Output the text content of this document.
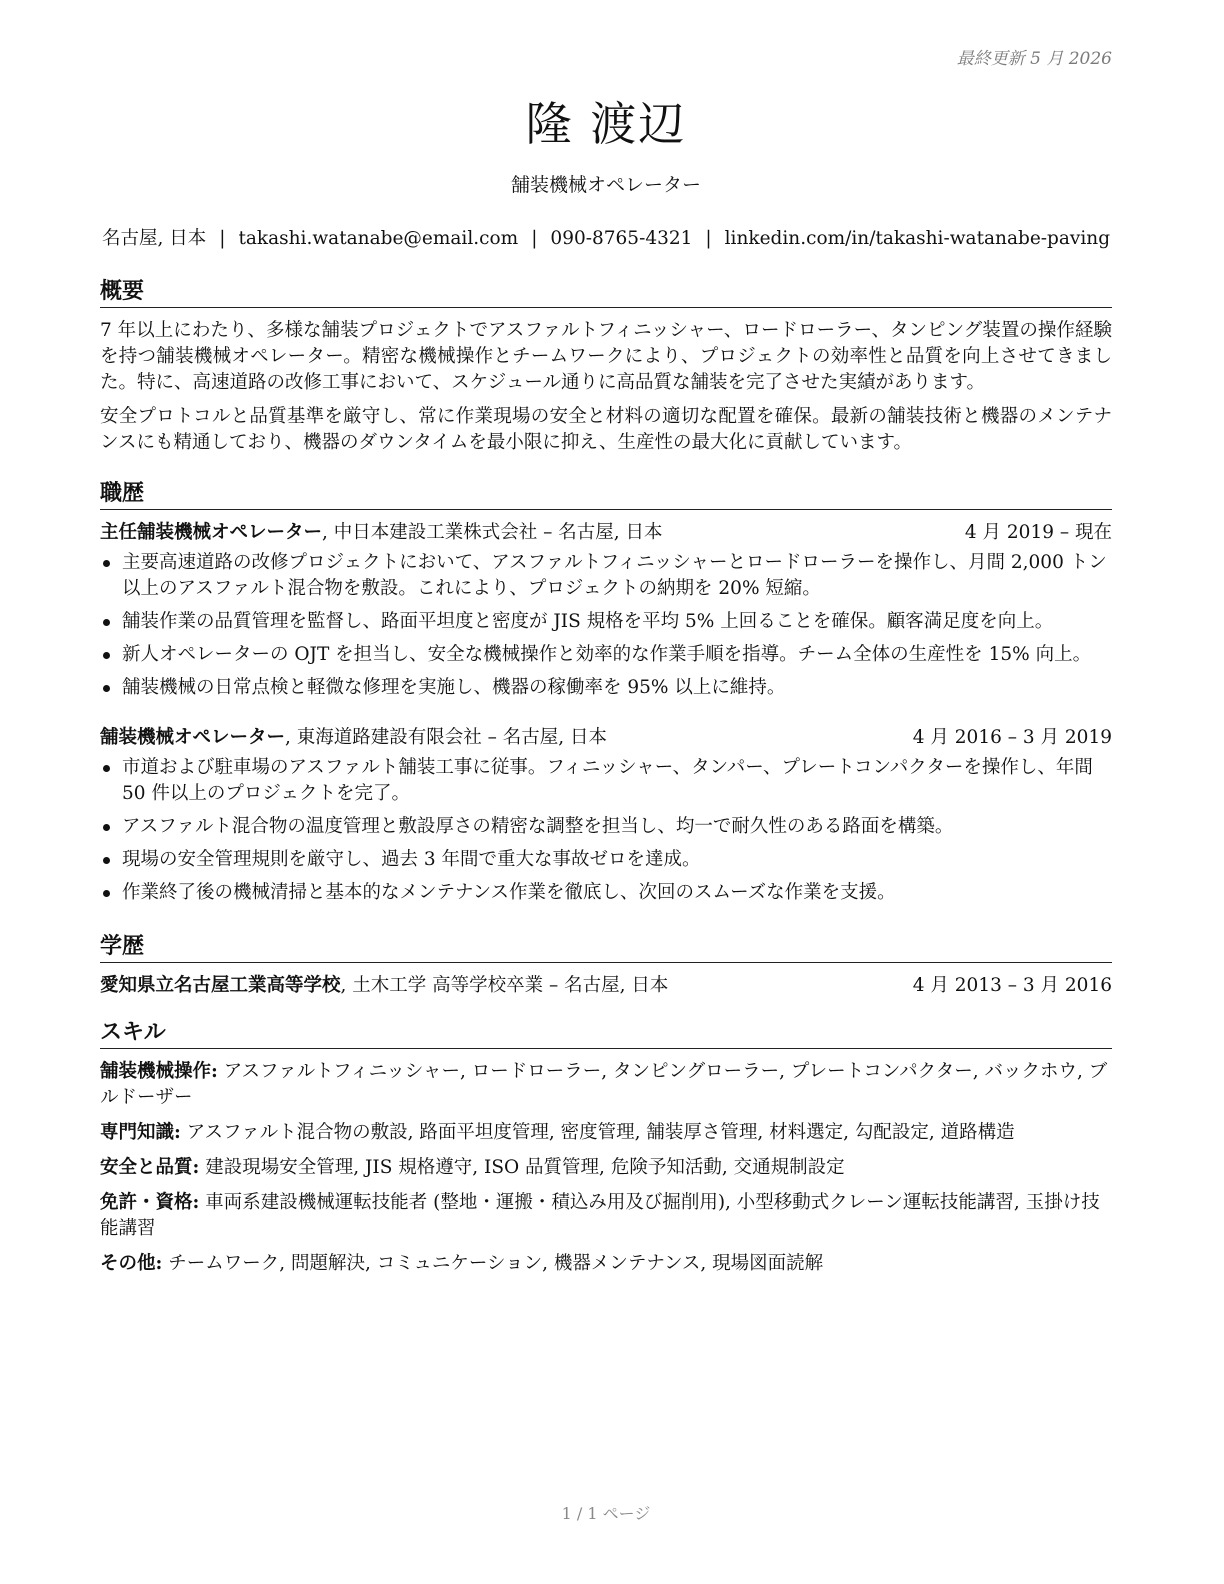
最終更新 5 月 2026
隆 渡辺
舗装機械オペレーター
名古屋, 日本 | takashi.watanabe@email.com | 090-8765-4321 | linkedin.com/in/takashi-watanabe-paving
概要

7 年以上にわたり、多様な舗装プロジェクトでアスファルトフィニッシャー、ロードローラー、タンピング装置の操作経験を持つ舗装機械オペレーター。精密な機械操作とチームワークにより、プロジェクトの効率性と品質を向上させてきました。特に、高速道路の改修工事において、スケジュール通りに高品質な舗装を完了させた実績があります。

安全プロトコルと品質基準を厳守し、常に作業現場の安全と材料の適切な配置を確保。最新の舗装技術と機器のメンテナンスにも精通しており、機器のダウンタイムを最小限に抑え、生産性の最大化に貢献しています。

職歴
主任舗装機械オペレーター, 中日本建設工業株式会社 – 名古屋, 日本	4 月 2019 – 現在
主要高速道路の改修プロジェクトにおいて、アスファルトフィニッシャーとロードローラーを操作し、月間 2,000 トン以上のアスファルト混合物を敷設。これにより、プロジェクトの納期を 20% 短縮。
舗装作業の品質管理を監督し、路面平坦度と密度が JIS 規格を平均 5% 上回ることを確保。顧客満足度を向上。
新人オペレーターの OJT を担当し、安全な機械操作と効率的な作業手順を指導。チーム全体の生産性を 15% 向上。
舗装機械の日常点検と軽微な修理を実施し、機器の稼働率を 95% 以上に維持。
舗装機械オペレーター, 東海道路建設有限会社 – 名古屋, 日本	4 月 2016 – 3 月 2019
市道および駐車場のアスファルト舗装工事に従事。フィニッシャー、タンパー、プレートコンパクターを操作し、年間 50 件以上のプロジェクトを完了。
アスファルト混合物の温度管理と敷設厚さの精密な調整を担当し、均一で耐久性のある路面を構築。
現場の安全管理規則を厳守し、過去 3 年間で重大な事故ゼロを達成。
作業終了後の機械清掃と基本的なメンテナンス作業を徹底し、次回のスムーズな作業を支援。
学歴
愛知県立名古屋工業高等学校, 土木工学 高等学校卒業 – 名古屋, 日本	4 月 2013 – 3 月 2016
スキル

舗装機械操作: アスファルトフィニッシャー, ロードローラー, タンピングローラー, プレートコンパクター, バックホウ, ブルドーザー

専門知識: アスファルト混合物の敷設, 路面平坦度管理, 密度管理, 舗装厚さ管理, 材料選定, 勾配設定, 道路構造

安全と品質: 建設現場安全管理, JIS 規格遵守, ISO 品質管理, 危険予知活動, 交通規制設定

免許・資格: 車両系建設機械運転技能者 (整地・運搬・積込み用及び掘削用), 小型移動式クレーン運転技能講習, 玉掛け技能講習

その他: チームワーク, 問題解決, コミュニケーション, 機器メンテナンス, 現場図面読解

1 / 1 ページ
